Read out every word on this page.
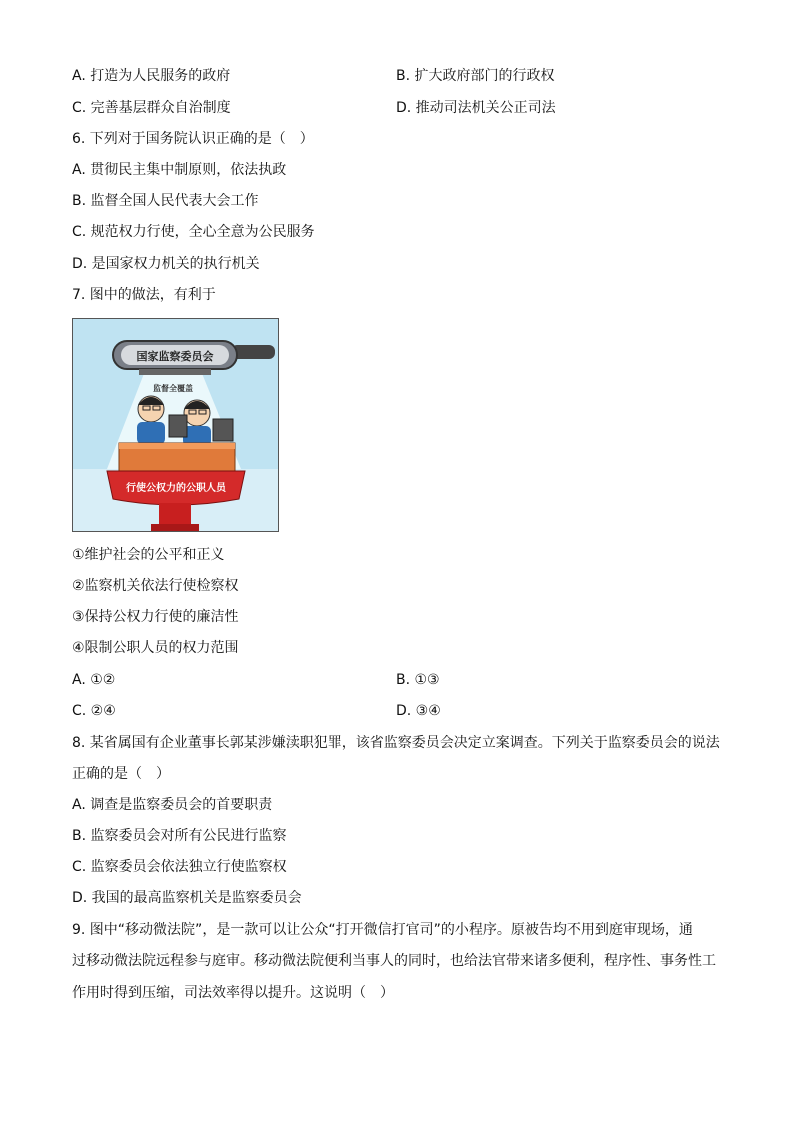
A. 打造为人民服务的政府	B. 扩大政府部门的行政权
C. 完善基层群众自治制度	D. 推动司法机关公正司法
6. 下列对于国务院认识正确的是（　）
A. 贯彻民主集中制原则，依法执政
B. 监督全国人民代表大会工作
C. 规范权力行使，全心全意为公民服务
D. 是国家权力机关的执行机关
7. 图中的做法，有利于
国家监察委员会
监督全覆盖
行使公权力的公职人员
①维护社会的公平和正义
②监察机关依法行使检察权
③保持公权力行使的廉洁性
④限制公职人员的权力范围
A. ①②	B. ①③
C. ②④	D. ③④
8. 某省属国有企业董事长郭某涉嫌渎职犯罪，该省监察委员会决定立案调查。下列关于监察委员会的说法
正确的是（　）
A. 调查是监察委员会的首要职责
B. 监察委员会对所有公民进行监察
C. 监察委员会依法独立行使监察权
D. 我国的最高监察机关是监察委员会
9. 图中“移动微法院”，是一款可以让公众“打开微信打官司”的小程序。原被告均不用到庭审现场，通
过移动微法院远程参与庭审。移动微法院便利当事人的同时，也给法官带来诸多便利，程序性、事务性工
作用时得到压缩，司法效率得以提升。这说明（　）
